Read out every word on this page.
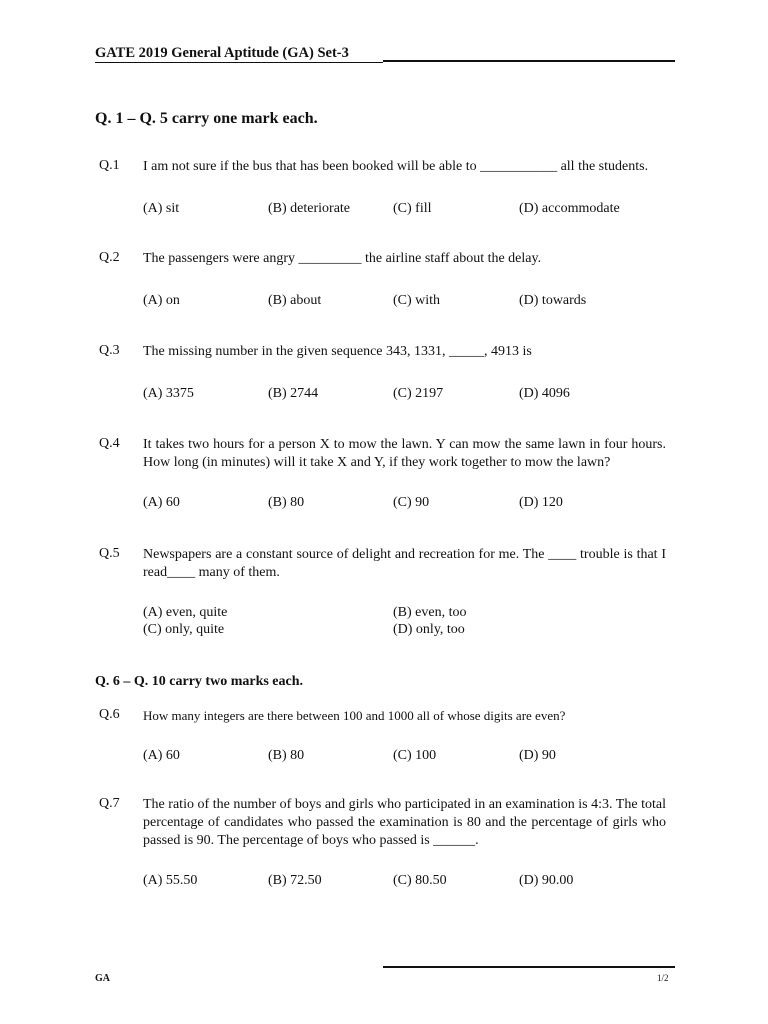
GATE 2019 General Aptitude (GA) Set-3
Q. 1 – Q. 5 carry one mark each.
Q.1 I am not sure if the bus that has been booked will be able to ___________ all the students.
(A) sit	(B) deteriorate	(C) fill	(D) accommodate
Q.2 The passengers were angry _________ the airline staff about the delay.
(A) on	(B) about	(C) with	(D) towards
Q.3 The missing number in the given sequence 343, 1331, _____, 4913 is
(A) 3375	(B) 2744	(C) 2197	(D) 4096
Q.4 It takes two hours for a person X to mow the lawn. Y can mow the same lawn in four hours. How long (in minutes) will it take X and Y, if they work together to mow the lawn?
(A) 60	(B) 80	(C) 90	(D) 120
Q.5 Newspapers are a constant source of delight and recreation for me. The ____ trouble is that I read____ many of them.
(A) even, quite	(B) even, too
(C) only, quite	(D) only, too
Q. 6 – Q. 10 carry two marks each.
Q.6 How many integers are there between 100 and 1000 all of whose digits are even?
(A) 60	(B) 80	(C) 100	(D) 90
Q.7 The ratio of the number of boys and girls who participated in an examination is 4:3. The total percentage of candidates who passed the examination is 80 and the percentage of girls who passed is 90. The percentage of boys who passed is ______.
(A) 55.50	(B) 72.50	(C) 80.50	(D) 90.00
GA	1/2
